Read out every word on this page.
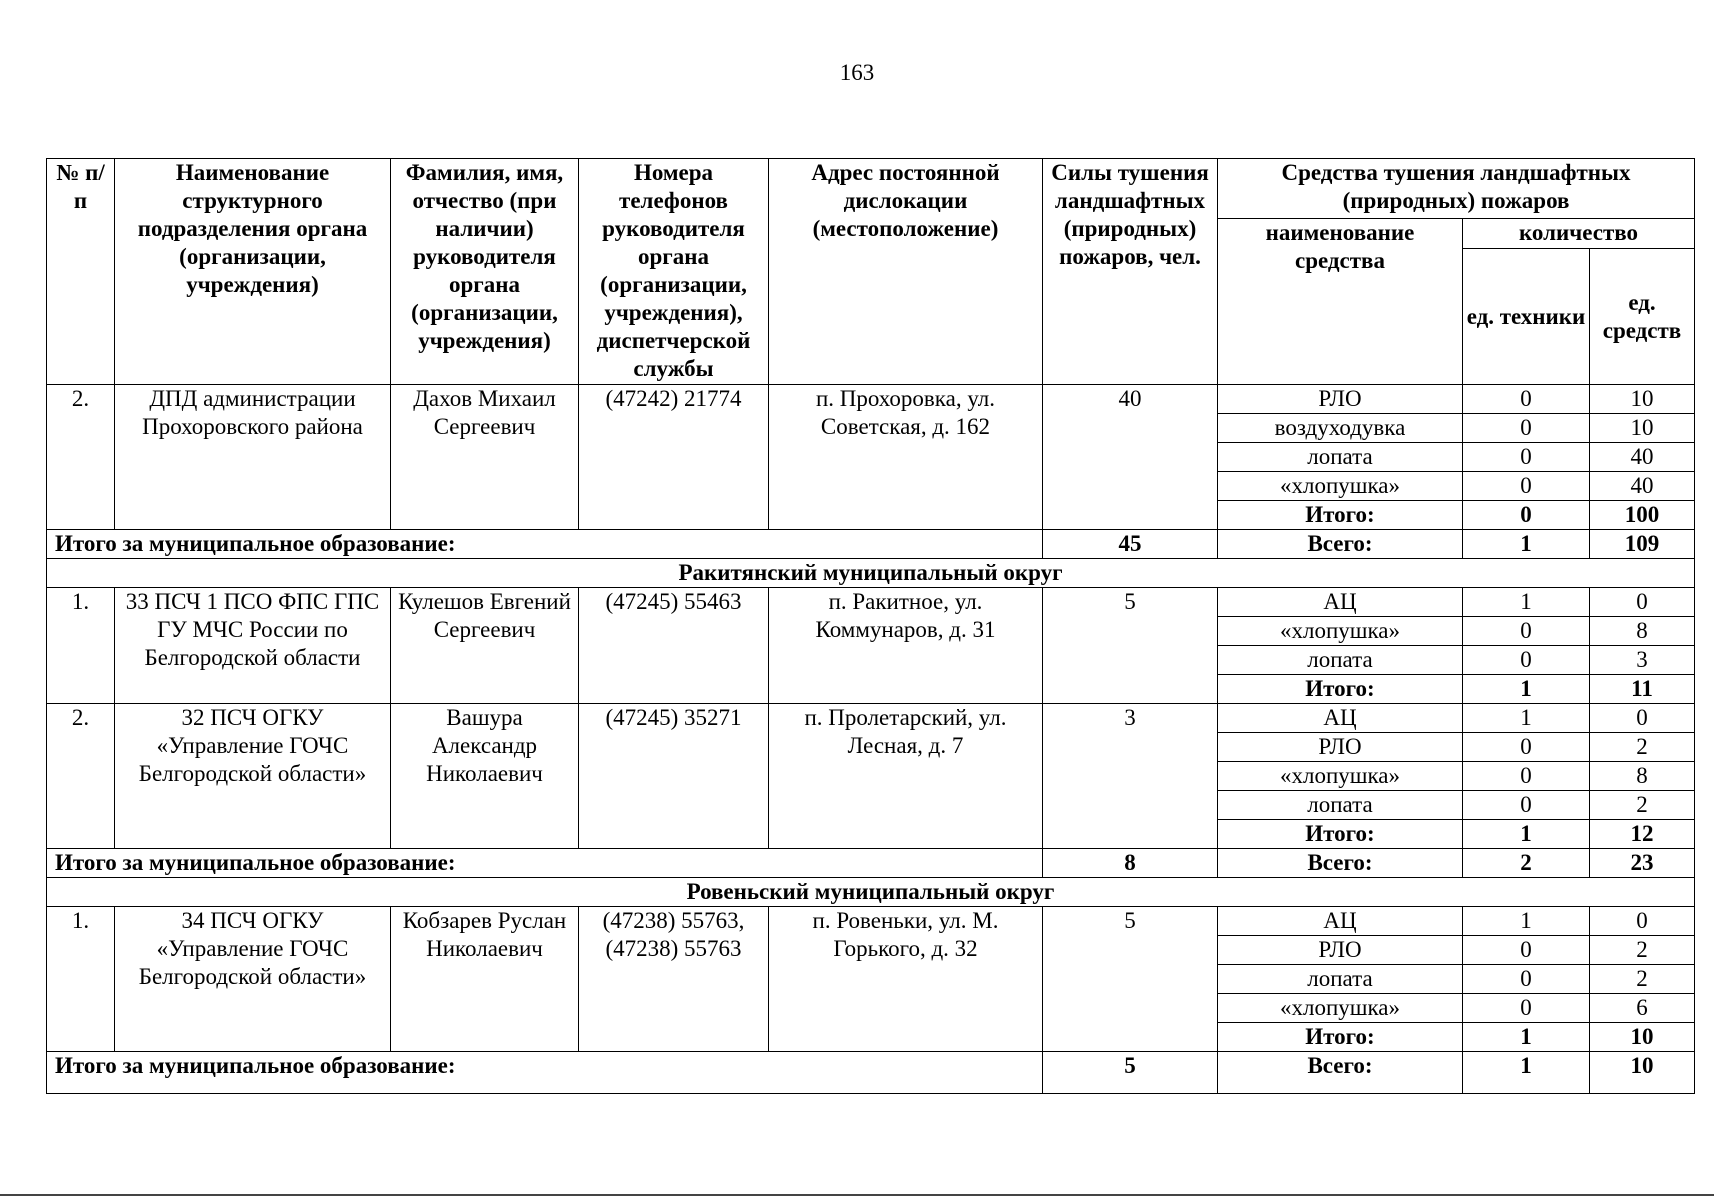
163
№ п/п	Наименование структурного подразделения органа (организации, учреждения)	Фамилия, имя, отчество (при наличии) руководителя органа (организации, учреждения)	Номера телефонов руководителя органа (организации, учреждения), диспетчерской службы	Адрес постоянной дислокации (местоположение)	Силы тушения ландшафтных (природных) пожаров, чел.	Средства тушения ландшафтных (природных) пожаров		
						наименование средства	количество	
							ед. техники	ед. средств
2.	ДПД администрации Прохоровского района	Дахов Михаил Сергеевич	(47242) 21774	п. Прохоровка, ул. Советская, д. 162	40	РЛО	0	10
						воздуходувка	0	10
						лопата	0	40
						«хлопушка»	0	40
						Итого:	0	100
Итого за муниципальное образование:					45	Всего:	1	109
Ракитянский муниципальный округ								
1.	33 ПСЧ 1 ПСО ФПС ГПС ГУ МЧС России по Белгородской области	Кулешов Евгений Сергеевич	(47245) 55463	п. Ракитное, ул. Коммунаров, д. 31	5	АЦ	1	0
						«хлопушка»	0	8
						лопата	0	3
						Итого:	1	11
2.	32 ПСЧ ОГКУ «Управление ГОЧС Белгородской области»	Вашура Александр Николаевич	(47245) 35271	п. Пролетарский, ул. Лесная, д. 7	3	АЦ	1	0
						РЛО	0	2
						«хлопушка»	0	8
						лопата	0	2
						Итого:	1	12
Итого за муниципальное образование:					8	Всего:	2	23
Ровеньский муниципальный округ								
1.	34 ПСЧ ОГКУ «Управление ГОЧС Белгородской области»	Кобзарев Руслан Николаевич	(47238) 55763, (47238) 55763	п. Ровеньки, ул. М. Горького, д. 32	5	АЦ	1	0
						РЛО	0	2
						лопата	0	2
						«хлопушка»	0	6
						Итого:	1	10
Итого за муниципальное образование:					5	Всего:	1	10
